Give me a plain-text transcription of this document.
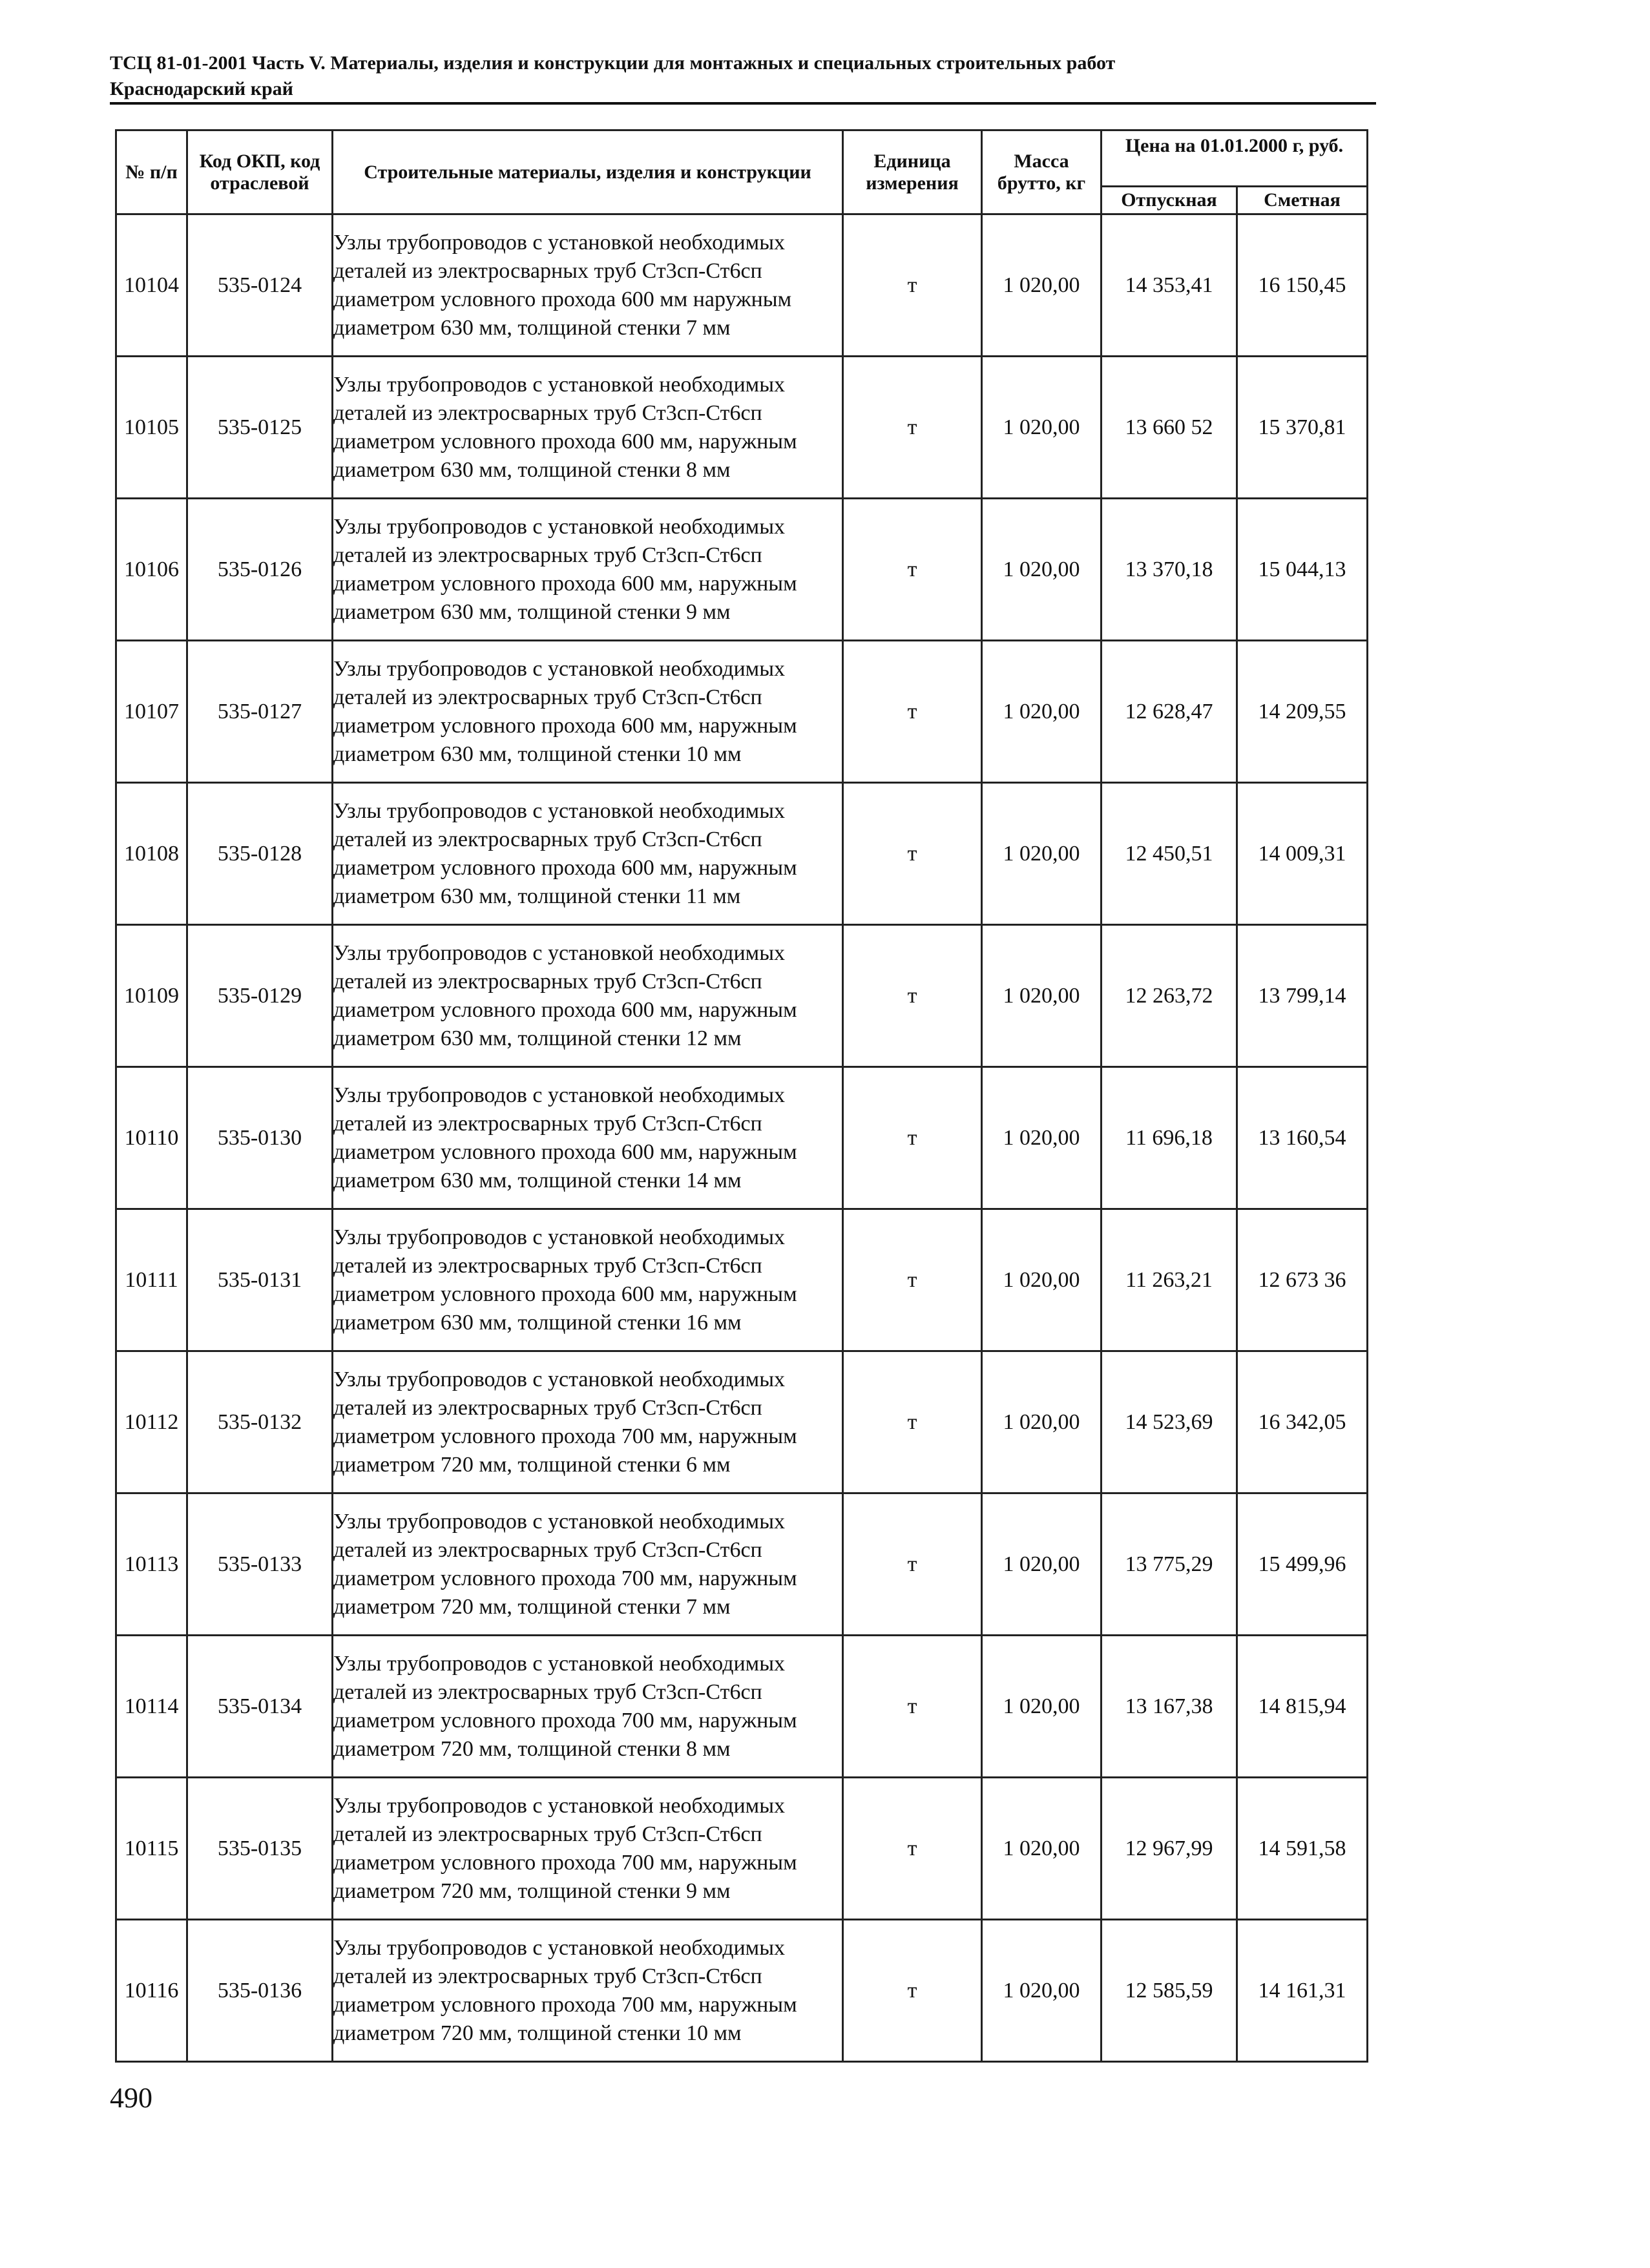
ТСЦ 81-01-2001 Часть V. Материалы, изделия и конструкции для монтажных и специальных строительных работ
Краснодарский край
№ п/п	Код ОКП, код отраслевой	Строительные материалы, изделия и конструкции	Единица измерения	Масса брутто, кг	Цена на 01.01.2000 г, руб.	
					Отпускная	Сметная
10104	535-0124	Узлы трубопроводов с установкой необходимых деталей из электросварных труб Ст3сп-Ст6сп диаметром условного прохода 600 мм наружным диаметром 630 мм, толщиной стенки 7 мм	т	1 020,00	14 353,41	16 150,45
10105	535-0125	Узлы трубопроводов с установкой необходимых деталей из электросварных труб Ст3сп-Ст6сп диаметром условного прохода 600 мм, наружным диаметром 630 мм, толщиной стенки 8 мм	т	1 020,00	13 660 52	15 370,81
10106	535-0126	Узлы трубопроводов с установкой необходимых деталей из электросварных труб Ст3сп-Ст6сп диаметром условного прохода 600 мм, наружным диаметром 630 мм, толщиной стенки 9 мм	т	1 020,00	13 370,18	15 044,13
10107	535-0127	Узлы трубопроводов с установкой необходимых деталей из электросварных труб Ст3сп-Ст6сп диаметром условного прохода 600 мм, наружным диаметром 630 мм, толщиной стенки 10 мм	т	1 020,00	12 628,47	14 209,55
10108	535-0128	Узлы трубопроводов с установкой необходимых деталей из электросварных труб Ст3сп-Ст6сп диаметром условного прохода 600 мм, наружным диаметром 630 мм, толщиной стенки 11 мм	т	1 020,00	12 450,51	14 009,31
10109	535-0129	Узлы трубопроводов с установкой необходимых деталей из электросварных труб Ст3сп-Ст6сп диаметром условного прохода 600 мм, наружным диаметром 630 мм, толщиной стенки 12 мм	т	1 020,00	12 263,72	13 799,14
10110	535-0130	Узлы трубопроводов с установкой необходимых деталей из электросварных труб Ст3сп-Ст6сп диаметром условного прохода 600 мм, наружным диаметром 630 мм, толщиной стенки 14 мм	т	1 020,00	11 696,18	13 160,54
10111	535-0131	Узлы трубопроводов с установкой необходимых деталей из электросварных труб Ст3сп-Ст6сп диаметром условного прохода 600 мм, наружным диаметром 630 мм, толщиной стенки 16 мм	т	1 020,00	11 263,21	12 673 36
10112	535-0132	Узлы трубопроводов с установкой необходимых деталей из электросварных труб Ст3сп-Ст6сп диаметром условного прохода 700 мм, наружным диаметром 720 мм, толщиной стенки 6 мм	т	1 020,00	14 523,69	16 342,05
10113	535-0133	Узлы трубопроводов с установкой необходимых деталей из электросварных труб Ст3сп-Ст6сп диаметром условного прохода 700 мм, наружным диаметром 720 мм, толщиной стенки 7 мм	т	1 020,00	13 775,29	15 499,96
10114	535-0134	Узлы трубопроводов с установкой необходимых деталей из электросварных труб Ст3сп-Ст6сп диаметром условного прохода 700 мм, наружным диаметром 720 мм, толщиной стенки 8 мм	т	1 020,00	13 167,38	14 815,94
10115	535-0135	Узлы трубопроводов с установкой необходимых деталей из электросварных труб Ст3сп-Ст6сп диаметром условного прохода 700 мм, наружным диаметром 720 мм, толщиной стенки 9 мм	т	1 020,00	12 967,99	14 591,58
10116	535-0136	Узлы трубопроводов с установкой необходимых деталей из электросварных труб Ст3сп-Ст6сп диаметром условного прохода 700 мм, наружным диаметром 720 мм, толщиной стенки 10 мм	т	1 020,00	12 585,59	14 161,31
490
